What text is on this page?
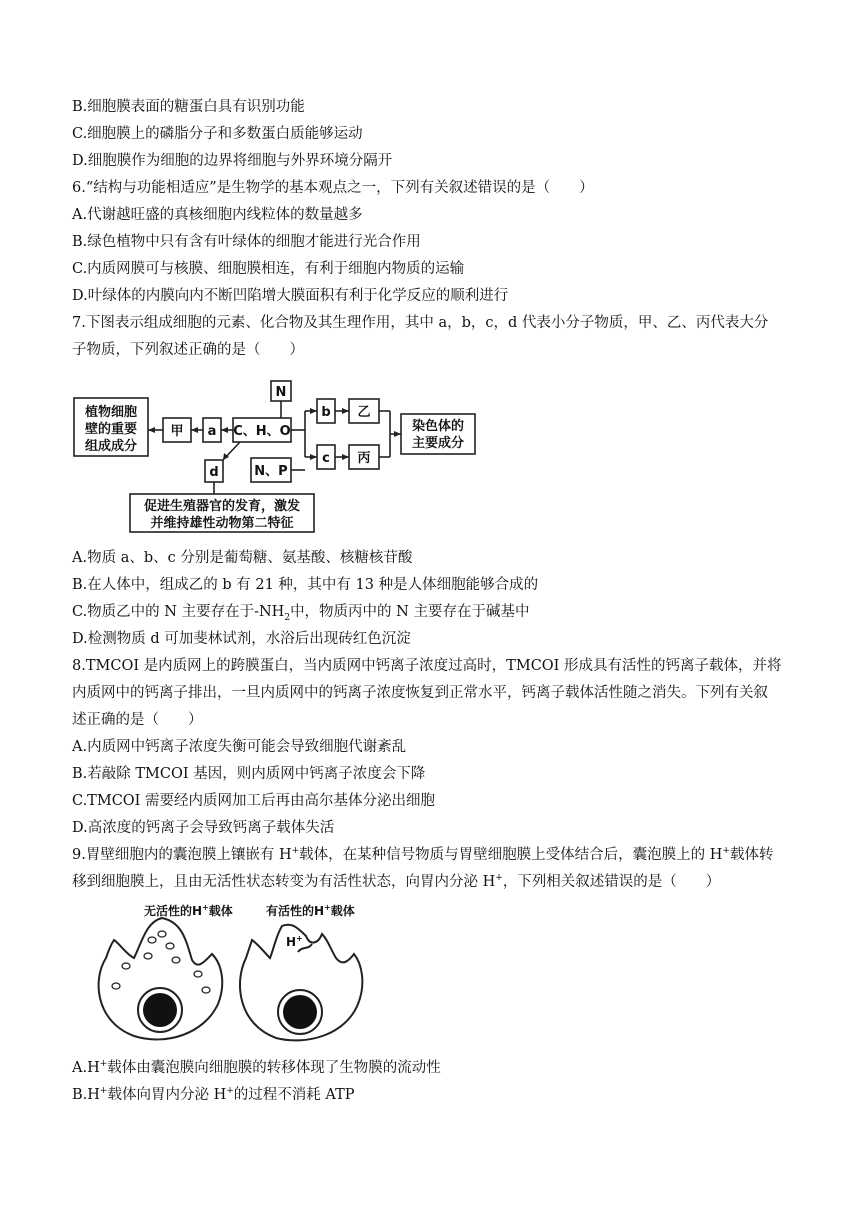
B.细胞膜表面的糖蛋白具有识别功能
C.细胞膜上的磷脂分子和多数蛋白质能够运动
D.细胞膜作为细胞的边界将细胞与外界环境分隔开
6.“结构与功能相适应”是生物学的基本观点之一，下列有关叙述错误的是（　　）
A.代谢越旺盛的真核细胞内线粒体的数量越多
B.绿色植物中只有含有叶绿体的细胞才能进行光合作用
C.内质网膜可与核膜、细胞膜相连，有利于细胞内物质的运输
D.叶绿体的内膜向内不断凹陷增大膜面积有利于化学反应的顺利进行
7.下图表示组成细胞的元素、化合物及其生理作用，其中 a，b，c，d 代表小分子物质，甲、乙、丙代表大分
子物质，下列叙述正确的是（　　）
植物细胞
壁的重要
组成成分
甲 a C、H、O
N
b 乙
染色体的
主要成分
N、P
c 丙
d
促进生殖器官的发育，激发
并维持雄性动物第二特征
A.物质 a、b、c 分别是葡萄糖、氨基酸、核糖核苷酸
B.在人体中，组成乙的 b 有 21 种，其中有 13 种是人体细胞能够合成的
C.物质乙中的 N 主要存在于$-NH_2$中，物质丙中的 N 主要存在于碱基中
D.检测物质 d 可加斐林试剂，水浴后出现砖红色沉淀
8.TMCOI 是内质网上的跨膜蛋白，当内质网中钙离子浓度过高时，TMCOI 形成具有活性的钙离子载体，并将
内质网中的钙离子排出，一旦内质网中的钙离子浓度恢复到正常水平，钙离子载体活性随之消失。下列有关叙
述正确的是（　　）
A.内质网中钙离子浓度失衡可能会导致细胞代谢紊乱
B.若敲除 TMCOI 基因，则内质网中钙离子浓度会下降
C.TMCOI 需要经内质网加工后再由高尔基体分泌出细胞
D.高浓度的钙离子会导致钙离子载体失活
9.胃壁细胞内的囊泡膜上镶嵌有 H+载体，在某种信号物质与胃壁细胞膜上受体结合后，囊泡膜上的 H+载体转
移到细胞膜上，且由无活性状态转变为有活性状态，向胃内分泌 H+，下列相关叙述错误的是（　　）
无活性的H+载体	有活性的H+载体
H+
A.H+载体由囊泡膜向细胞膜的转移体现了生物膜的流动性
B.H+载体向胃内分泌 H+的过程不消耗 ATP
